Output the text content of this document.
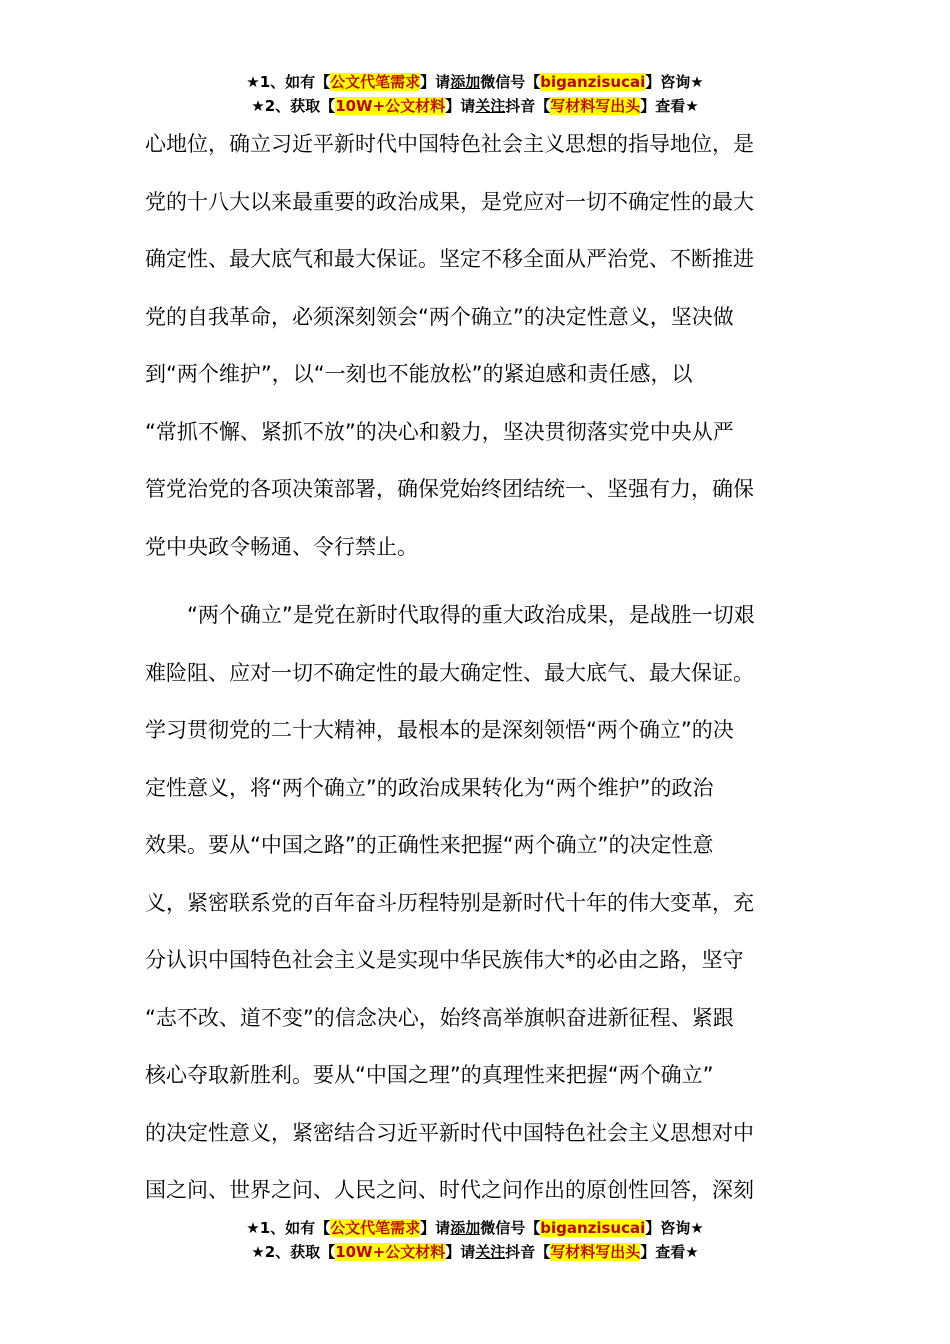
★1、如有【公文代笔需求】请添加微信号【biganzisucai】咨询★
★2、获取【10W+公文材料】请关注抖音【写材料写出头】查看★
心地位，确立习近平新时代中国特色社会主义思想的指导地位，是
党的十八大以来最重要的政治成果，是党应对一切不确定性的最大
确定性、最大底气和最大保证。坚定不移全面从严治党、不断推进
党的自我革命，必须深刻领会“两个确立”的决定性意义，坚决做
到“两个维护”，以“一刻也不能放松”的紧迫感和责任感，以
“常抓不懈、紧抓不放”的决心和毅力，坚决贯彻落实党中央从严
管党治党的各项决策部署，确保党始终团结统一、坚强有力，确保
党中央政令畅通、令行禁止。
“两个确立”是党在新时代取得的重大政治成果，是战胜一切艰
难险阻、应对一切不确定性的最大确定性、最大底气、最大保证。
学习贯彻党的二十大精神，最根本的是深刻领悟“两个确立”的决
定性意义，将“两个确立”的政治成果转化为“两个维护”的政治
效果。要从“中国之路”的正确性来把握“两个确立”的决定性意
义，紧密联系党的百年奋斗历程特别是新时代十年的伟大变革，充
分认识中国特色社会主义是实现中华民族伟大*的必由之路，坚守
“志不改、道不变”的信念决心，始终高举旗帜奋进新征程、紧跟
核心夺取新胜利。要从“中国之理”的真理性来把握“两个确立”
的决定性意义，紧密结合习近平新时代中国特色社会主义思想对中
国之问、世界之问、人民之问、时代之问作出的原创性回答，深刻
★1、如有【公文代笔需求】请添加微信号【biganzisucai】咨询★
★2、获取【10W+公文材料】请关注抖音【写材料写出头】查看★
